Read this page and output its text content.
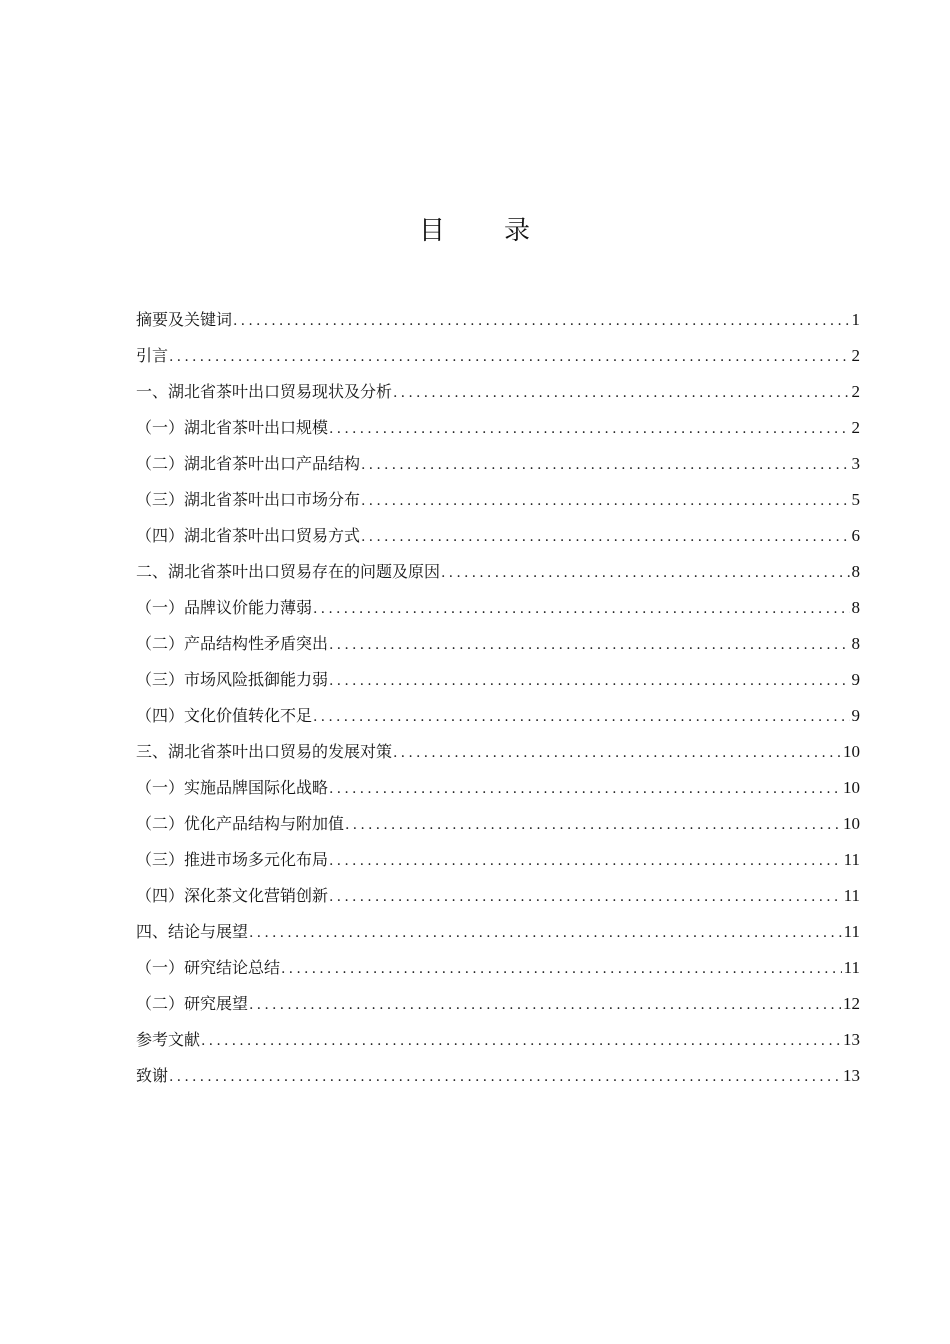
目 录
摘要及关键词 .....	1
引言 .....	2
一、湖北省茶叶出口贸易现状及分析 .....	2
（一）湖北省茶叶出口规模 .....	2
（二）湖北省茶叶出口产品结构 .....	3
（三）湖北省茶叶出口市场分布 .....	5
（四）湖北省茶叶出口贸易方式 .....	6
二、湖北省茶叶出口贸易存在的问题及原因 .....	8
（一）品牌议价能力薄弱 .....	8
（二）产品结构性矛盾突出 .....	8
（三）市场风险抵御能力弱 .....	9
（四）文化价值转化不足 .....	9
三、湖北省茶叶出口贸易的发展对策 .....	10
（一）实施品牌国际化战略 .....	10
（二）优化产品结构与附加值 .....	10
（三）推进市场多元化布局 .....	11
（四）深化茶文化营销创新 .....	11
四、结论与展望 .....	11
（一）研究结论总结 .....	11
（二）研究展望 .....	12
参考文献 .....	13
致谢 .....	13
